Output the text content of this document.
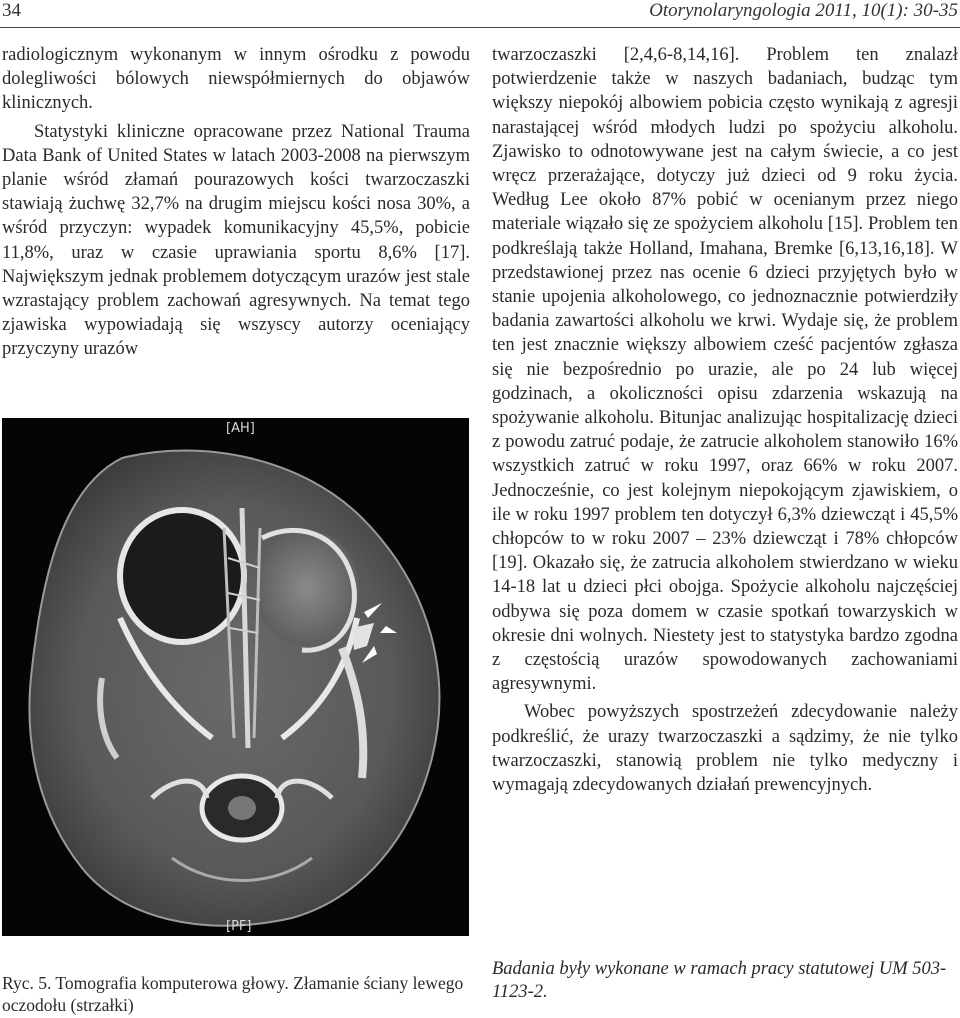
34	Otorynolaryngologia 2011, 10(1): 30-35

radiologicznym wykonanym w innym ośrodku z powodu dolegliwości bólowych niewspółmiernych do objawów klinicznych.

Statystyki kliniczne opracowane przez National Trauma Data Bank of United States w latach 2003-2008 na pierwszym planie wśród złamań pourazowych kości twarzoczaszki stawiają żuchwę 32,7% na drugim miejscu kości nosa 30%, a wśród przyczyn: wypadek komunikacyjny 45,5%, pobicie 11,8%, uraz w czasie uprawiania sportu 8,6% [17]. Największym jednak problemem dotyczącym urazów jest stale wzrastający problem zachowań agresywnych. Na temat tego zjawiska wypowiadają się wszyscy autorzy oceniający przyczyny urazów

[AH]
[PF]
Ryc. 5. Tomografia komputerowa głowy. Złamanie ściany lewego oczodołu (strzałki)

twarzoczaszki [2,4,6-8,14,16]. Problem ten znalazł potwierdzenie także w naszych badaniach, budząc tym większy niepokój albowiem pobicia często wynikają z agresji narastającej wśród młodych ludzi po spożyciu alkoholu. Zjawisko to odnotowywane jest na całym świecie, a co jest wręcz przerażające, dotyczy już dzieci od 9 roku życia. Według Lee około 87% pobić w ocenianym przez niego materiale wiązało się ze spożyciem alkoholu [15]. Problem ten podkreślają także Holland, Imahana, Bremke [6,13,16,18]. W przedstawionej przez nas ocenie 6 dzieci przyjętych było w stanie upojenia alkoholowego, co jednoznacznie potwierdziły badania zawartości alkoholu we krwi. Wydaje się, że problem ten jest znacznie większy albowiem cześć pacjentów zgłasza się nie bezpośrednio po urazie, ale po 24 lub więcej godzinach, a okoliczności opisu zdarzenia wskazują na spożywanie alkoholu. Bitunjac analizując hospitalizację dzieci z powodu zatruć podaje, że zatrucie alkoholem stanowiło 16% wszystkich zatruć w roku 1997, oraz 66% w roku 2007. Jednocześnie, co jest kolejnym niepokojącym zjawiskiem, o ile w roku 1997 problem ten dotyczył 6,3% dziewcząt i 45,5% chłopców to w roku 2007 – 23% dziewcząt i 78% chłopców [19]. Okazało się, że zatrucia alkoholem stwierdzano w wieku 14-18 lat u dzieci płci obojga. Spożycie alkoholu najczęściej odbywa się poza domem w czasie spotkań towarzyskich w okresie dni wolnych. Niestety jest to statystyka bardzo zgodna z częstością urazów spowodowanych zachowaniami agresywnymi.

Wobec powyższych spostrzeżeń zdecydowanie należy podkreślić, że urazy twarzoczaszki a sądzimy, że nie tylko twarzoczaszki, stanowią problem nie tylko medyczny i wymagają zdecydowanych działań prewencyjnych.

Badania były wykonane w ramach pracy statutowej UM 503-1123-2.
